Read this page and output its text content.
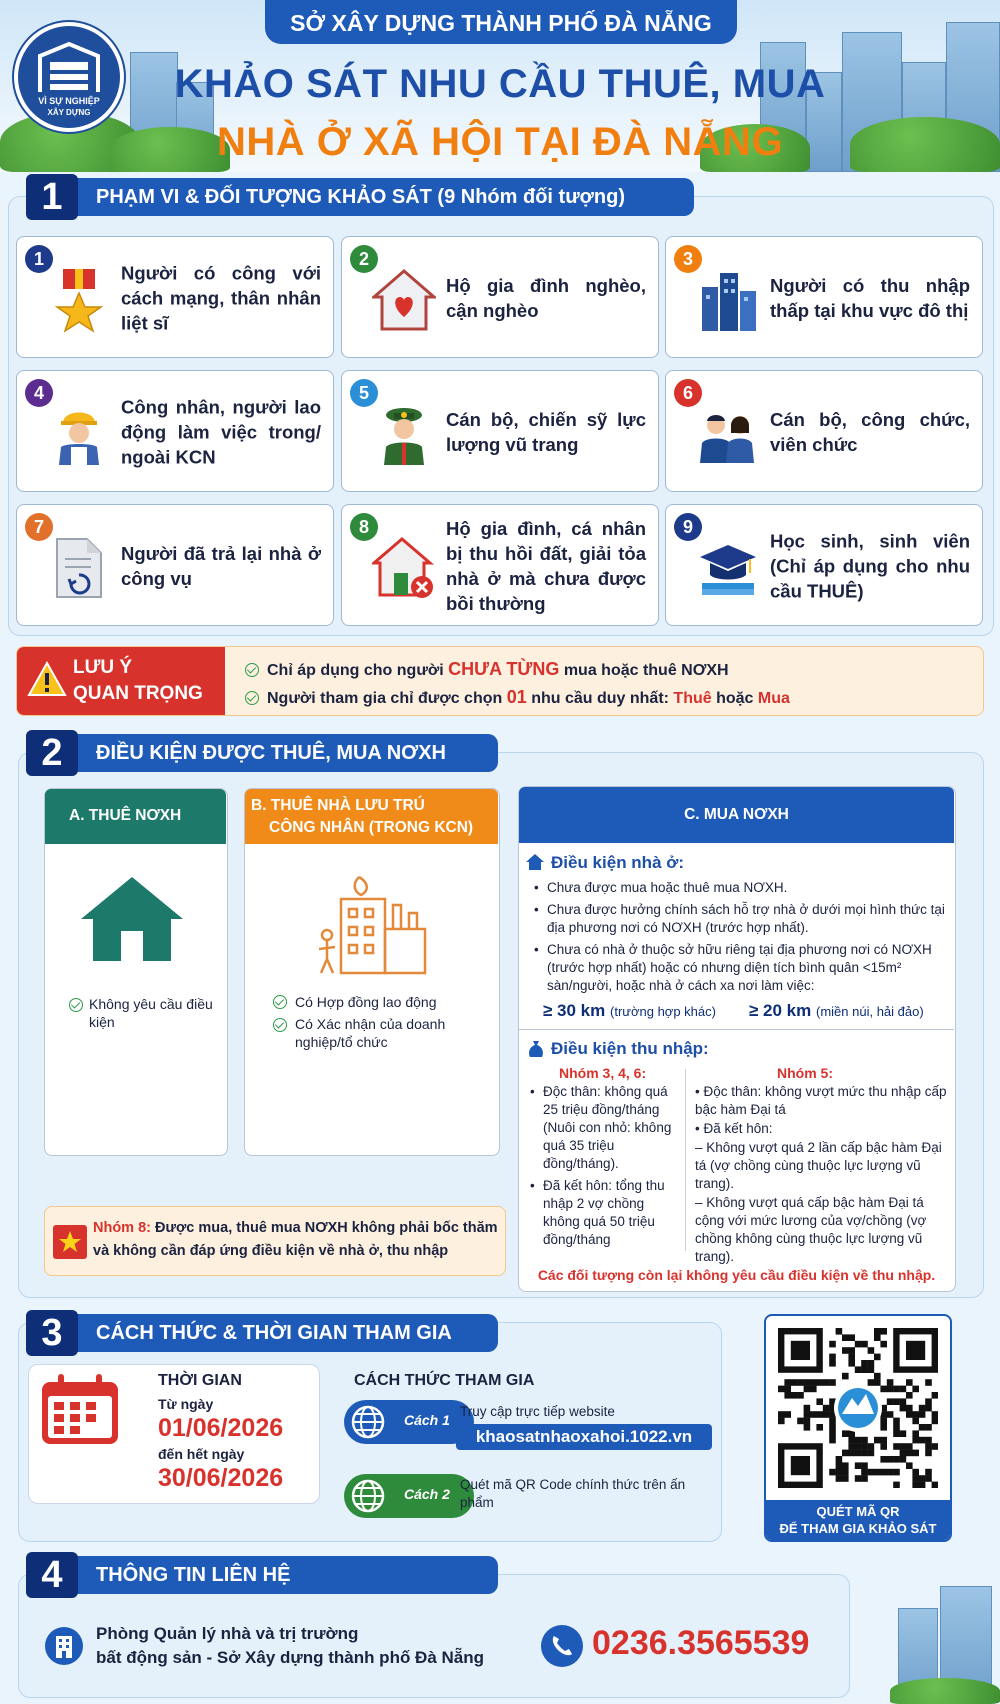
SỞ XÂY DỰNG THÀNH PHỐ ĐÀ NẴNG
KHẢO SÁT NHU CẦU THUÊ, MUA
NHÀ Ở XÃ HỘI TẠI ĐÀ NẴNG
VÌ SỰ NGHIỆP
XÂY DỰNG
PHẠM VI & ĐỐI TƯỢNG KHẢO SÁT (9 Nhóm đối tượng)
1
1
Người có công với cách mạng, thân nhân liệt sĩ
2
Hộ gia đình nghèo, cận nghèo
3
Người có thu nhập thấp tại khu vực đô thị
4
Công nhân, người lao động làm việc trong/ ngoài KCN
5
Cán bộ, chiến sỹ lực lượng vũ trang
6
Cán bộ, công chức, viên chức
7
Người đã trả lại nhà ở công vụ
8	Hộ gia đình, cá nhân bị thu hồi đất, giải tỏa nhà ở mà chưa được bồi thường
9
Học sinh, sinh viên (Chỉ áp dụng cho nhu cầu THUÊ)
LƯU Ý
QUAN TRỌNG
Chỉ áp dụng cho người CHƯA TỪNG mua hoặc thuê NƠXH
Người tham gia chỉ được chọn 01 nhu cầu duy nhất: Thuê hoặc Mua
ĐIỀU KIỆN ĐƯỢC THUÊ, MUA NƠXH
2
A. THUÊ NƠXH
Không yêu cầu điều kiện
B. THUÊ NHÀ LƯU TRÚ
CÔNG NHÂN (TRONG KCN)
Có Hợp đồng lao động
Có Xác nhận của doanh nghiệp/tổ chức
C. MUA NƠXH
Điều kiện nhà ở:
• Chưa được mua hoặc thuê mua NƠXH.
• Chưa được hưởng chính sách hỗ trợ nhà ở dưới mọi hình thức tại địa phương nơi có NƠXH (trước hợp nhất).
• Chưa có nhà ở thuộc sở hữu riêng tại địa phương nơi có NƠXH (trước hợp nhất) hoặc có nhưng diện tích bình quân <15m² sàn/người, hoặc nhà ở cách xa nơi làm việc:
≥ 30 km (trường hợp khác) ≥ 20 km (miền núi, hải đảo)
Điều kiện thu nhập:
Nhóm 3, 4, 6:
• Độc thân: không quá 25 triệu đồng/tháng (Nuôi con nhỏ: không quá 35 triệu đồng/tháng).
• Đã kết hôn: tổng thu nhập 2 vợ chồng không quá 50 triệu đồng/tháng
Nhóm 5:
• Độc thân: không vượt mức thu nhập cấp bậc hàm Đại tá
• Đã kết hôn:
– Không vượt quá 2 lần cấp bậc hàm Đại tá (vợ chồng cùng thuộc lực lượng vũ trang).
– Không vượt quá cấp bậc hàm Đại tá cộng với mức lương của vợ/chồng (vợ chồng không cùng thuộc lực lượng vũ trang).
Các đối tượng còn lại không yêu cầu điều kiện về thu nhập.
Nhóm 8: Được mua, thuê mua NƠXH không phải bốc thăm và không cần đáp ứng điều kiện về nhà ở, thu nhập
CÁCH THỨC & THỜI GIAN THAM GIA
3
THỜI GIAN
Từ ngày
01/06/2026
đến hết ngày
30/06/2026
CÁCH THỨC THAM GIA
Cách 1
Truy cập trực tiếp website
khaosatnhaoxahoi.1022.vn
Cách 2
Quét mã QR Code chính thức trên ấn phẩm
QUÉT MÃ QR
ĐỂ THAM GIA KHẢO SÁT
THÔNG TIN LIÊN HỆ
4
Phòng Quản lý nhà và trị trường
bất động sản - Sở Xây dựng thành phố Đà Nẵng	0236.3565539
